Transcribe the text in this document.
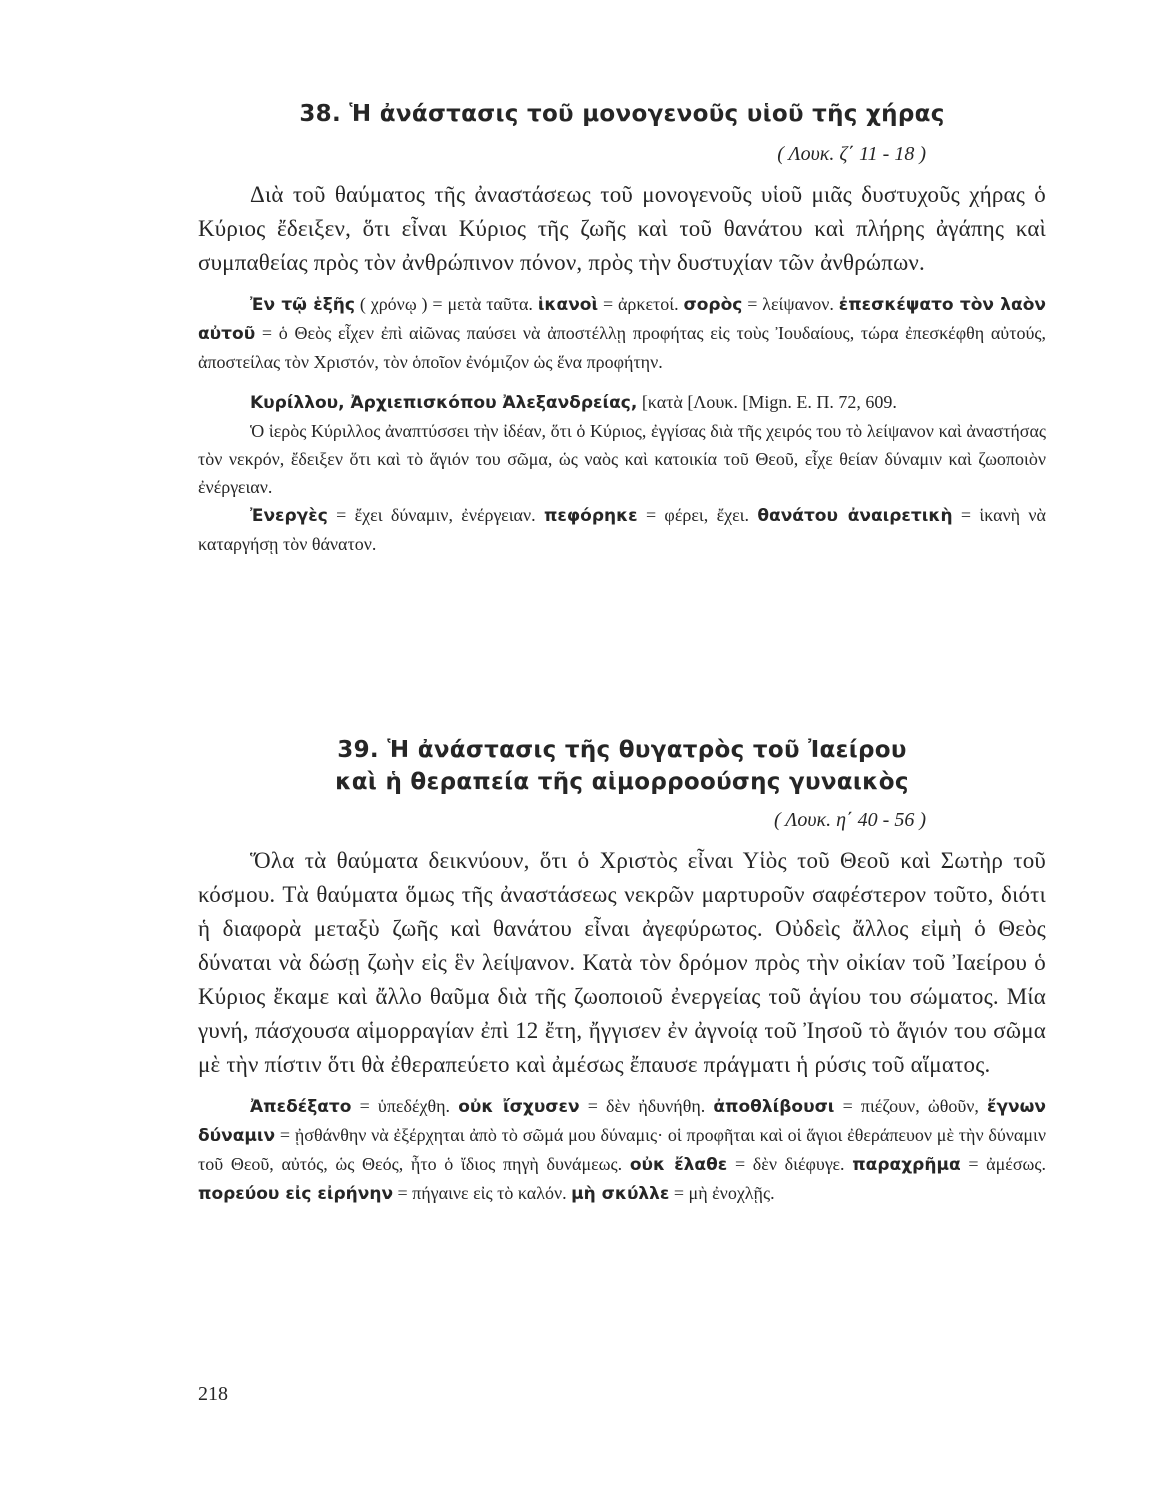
38. Ἡ ἀνάστασις τοῦ μονογενοῦς υἱοῦ τῆς χήρας

( Λουκ. ζ΄ 11 - 18 )

Διὰ τοῦ θαύματος τῆς ἀναστάσεως τοῦ μονογενοῦς υἱοῦ μιᾶς δυστυχοῦς χήρας ὁ Κύριος ἔδειξεν, ὅτι εἶναι Κύριος τῆς ζωῆς καὶ τοῦ θανάτου καὶ πλήρης ἀγάπης καὶ συμπαθείας πρὸς τὸν ἀνθρώπινον πόνον, πρὸς τὴν δυστυχίαν τῶν ἀνθρώπων.

Ἐν τῷ ἑξῆς ( χρόνῳ ) = μετὰ ταῦτα. ἱκανοὶ = ἀρκετοί. σορὸς = λείψανον. ἐπεσκέψατο τὸν λαὸν αὐτοῦ = ὁ Θεὸς εἶχεν ἐπὶ αἰῶνας παύσει νὰ ἀποστέλλῃ προφήτας εἰς τοὺς Ἰουδαίους, τώρα ἐπεσκέφθη αὐτούς, ἀποστείλας τὸν Χριστόν, τὸν ὁποῖον ἐνόμιζον ὡς ἕνα προφήτην.

Κυρίλλου, Ἀρχιεπισκόπου Ἀλεξανδρείας, [κατὰ [Λουκ. [Mign. E. Π. 72, 609.

Ὁ ἱερὸς Κύριλλος ἀναπτύσσει τὴν ἰδέαν, ὅτι ὁ Κύριος, ἐγγίσας διὰ τῆς χειρός του τὸ λείψανον καὶ ἀναστήσας τὸν νεκρόν, ἔδειξεν ὅτι καὶ τὸ ἅγιόν του σῶμα, ὡς ναὸς καὶ κατοικία τοῦ Θεοῦ, εἶχε θείαν δύναμιν καὶ ζωοποιὸν ἐνέργειαν.

Ἐνεργὲς = ἔχει δύναμιν, ἐνέργειαν. πεφόρηκε = φέρει, ἔχει. θανάτου ἀναιρετικὴ = ἱκανὴ νὰ καταργήσῃ τὸν θάνατον.

39. Ἡ ἀνάστασις τῆς θυγατρὸς τοῦ Ἰαείρου
καὶ ἡ θεραπεία τῆς αἱμορροούσης γυναικὸς

( Λουκ. η΄ 40 - 56 )

Ὅλα τὰ θαύματα δεικνύουν, ὅτι ὁ Χριστὸς εἶναι Υἱὸς τοῦ Θεοῦ καὶ Σωτὴρ τοῦ κόσμου. Τὰ θαύματα ὅμως τῆς ἀναστάσεως νεκρῶν μαρτυροῦν σαφέστερον τοῦτο, διότι ἡ διαφορὰ μεταξὺ ζωῆς καὶ θανάτου εἶναι ἀγεφύρωτος. Οὐδεὶς ἄλλος εἰμὴ ὁ Θεὸς δύναται νὰ δώσῃ ζωὴν εἰς ἓν λείψανον. Κατὰ τὸν δρόμον πρὸς τὴν οἰκίαν τοῦ Ἰαείρου ὁ Κύριος ἔκαμε καὶ ἄλλο θαῦμα διὰ τῆς ζωοποιοῦ ἐνεργείας τοῦ ἁγίου του σώματος. Μία γυνή, πάσχουσα αἱμορραγίαν ἐπὶ 12 ἔτη, ἤγγισεν ἐν ἀγνοίᾳ τοῦ Ἰησοῦ τὸ ἅγιόν του σῶμα μὲ τὴν πίστιν ὅτι θὰ ἐθεραπεύετο καὶ ἀμέσως ἔπαυσε πράγματι ἡ ρύσις τοῦ αἵματος.

Ἀπεδέξατο = ὑπεδέχθη. οὐκ ἴσχυσεν = δὲν ἠδυνήθη. ἀποθλίβουσι = πιέζουν, ὠθοῦν, ἔγνων δύναμιν = ᾐσθάνθην νὰ ἐξέρχηται ἀπὸ τὸ σῶμά μου δύναμις· οἱ προφῆται καὶ οἱ ἅγιοι ἐθεράπευον μὲ τὴν δύναμιν τοῦ Θεοῦ, αὐτός, ὡς Θεός, ἦτο ὁ ἴδιος πηγὴ δυνάμεως. οὐκ ἔλαθε = δὲν διέφυγε. παραχρῆμα = ἀμέσως. πορεύου εἰς εἰρήνην = πήγαινε εἰς τὸ καλόν. μὴ σκύλλε = μὴ ἐνοχλῇς.

218
